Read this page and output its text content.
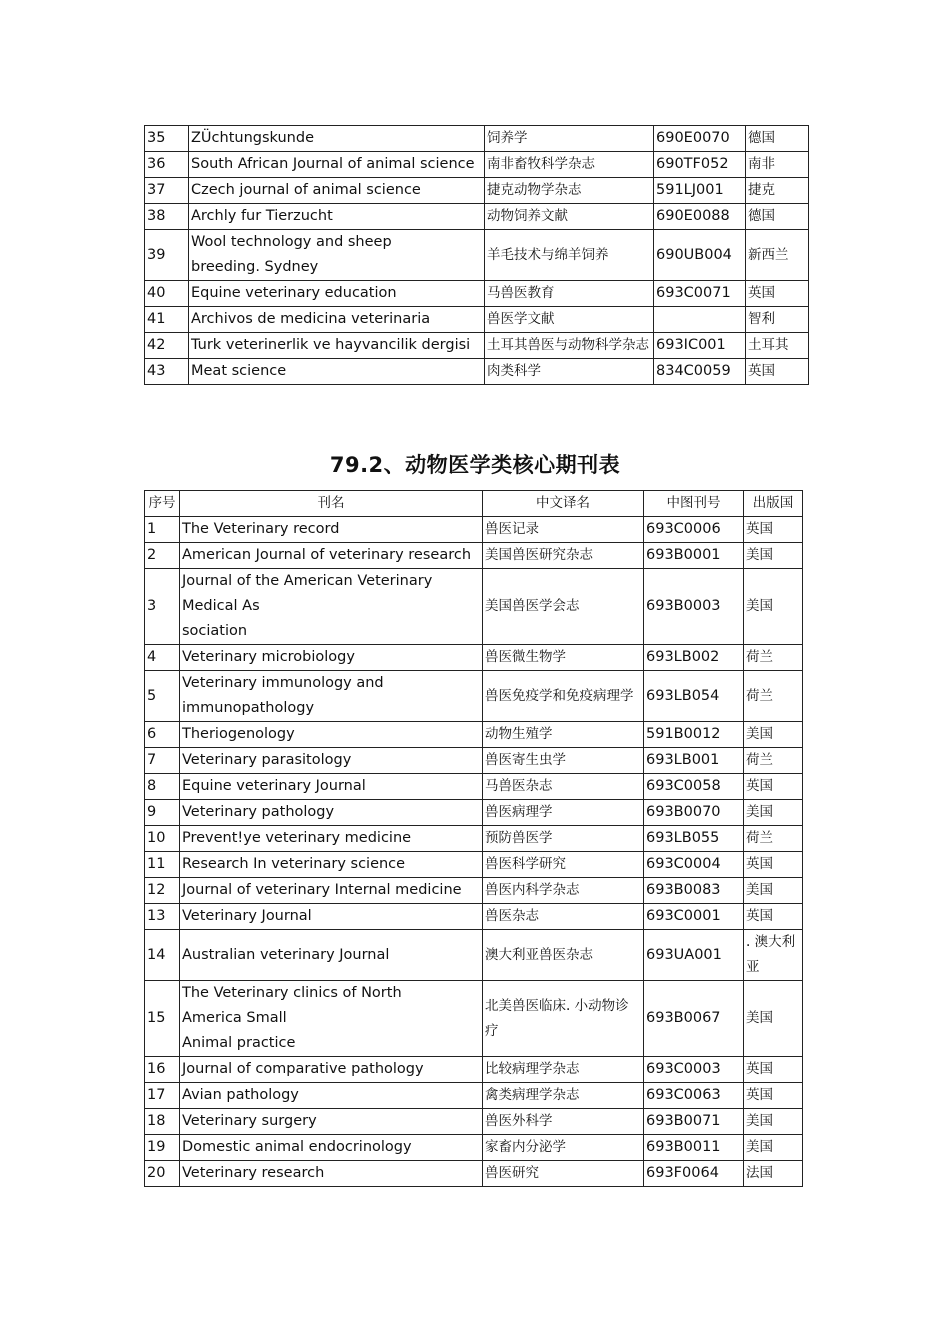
35	ZÜchtungskunde	饲养学	690E0070	德国
36	South African Journal of animal science	南非畜牧科学杂志	690TF052	南非
37	Czech journal of animal science	捷克动物学杂志	591LJ001	捷克
38	Archly fur Tierzucht	动物饲养文献	690E0088	德国
39	Wool technology and sheep
breeding. Sydney	羊毛技术与绵羊饲养	690UB004	新西兰
40	Equine veterinary education	马兽医教育	693C0071	英国
41	Archivos de medicina veterinaria	兽医学文献		智利
42	Turk veterinerlik ve hayvancilik dergisi	土耳其兽医与动物科学杂志	693IC001	土耳其
43	Meat science	肉类科学	834C0059	英国
79.2、动物医学类核心期刊表
序号	刊名	中文译名	中图刊号	出版国
1	The Veterinary record	兽医记录	693C0006	英国
2	American Journal of veterinary research	美国兽医研究杂志	693B0001	美国
3	Journal of the American Veterinary
Medical As
sociation	美国兽医学会志	693B0003	美国
4	Veterinary microbiology	兽医微生物学	693LB002	荷兰
5	Veterinary immunology and
immunopathology	兽医免疫学和免疫病理学	693LB054	荷兰
6	Theriogenology	动物生殖学	591B0012	美国
7	Veterinary parasitology	兽医寄生虫学	693LB001	荷兰
8	Equine veterinary Journal	马兽医杂志	693C0058	英国
9	Veterinary pathology	兽医病理学	693B0070	美国
10	Prevent!ye veterinary medicine	预防兽医学	693LB055	荷兰
11	Research In veterinary science	兽医科学研究	693C0004	英国
12	Journal of veterinary Internal medicine	兽医内科学杂志	693B0083	美国
13	Veterinary Journal	兽医杂志	693C0001	英国
14	Australian veterinary Journal	澳大利亚兽医杂志	693UA001	. 澳大利亚
15	The Veterinary clinics of North
America Small
Animal practice	北美兽医临床. 小动物诊疗	693B0067	美国
16	Journal of comparative pathology	比较病理学杂志	693C0003	英国
17	Avian pathology	禽类病理学杂志	693C0063	英国
18	Veterinary surgery	兽医外科学	693B0071	美国
19	Domestic animal endocrinology	家畜内分泌学	693B0011	美国
20	Veterinary research	兽医研究	693F0064	法国
